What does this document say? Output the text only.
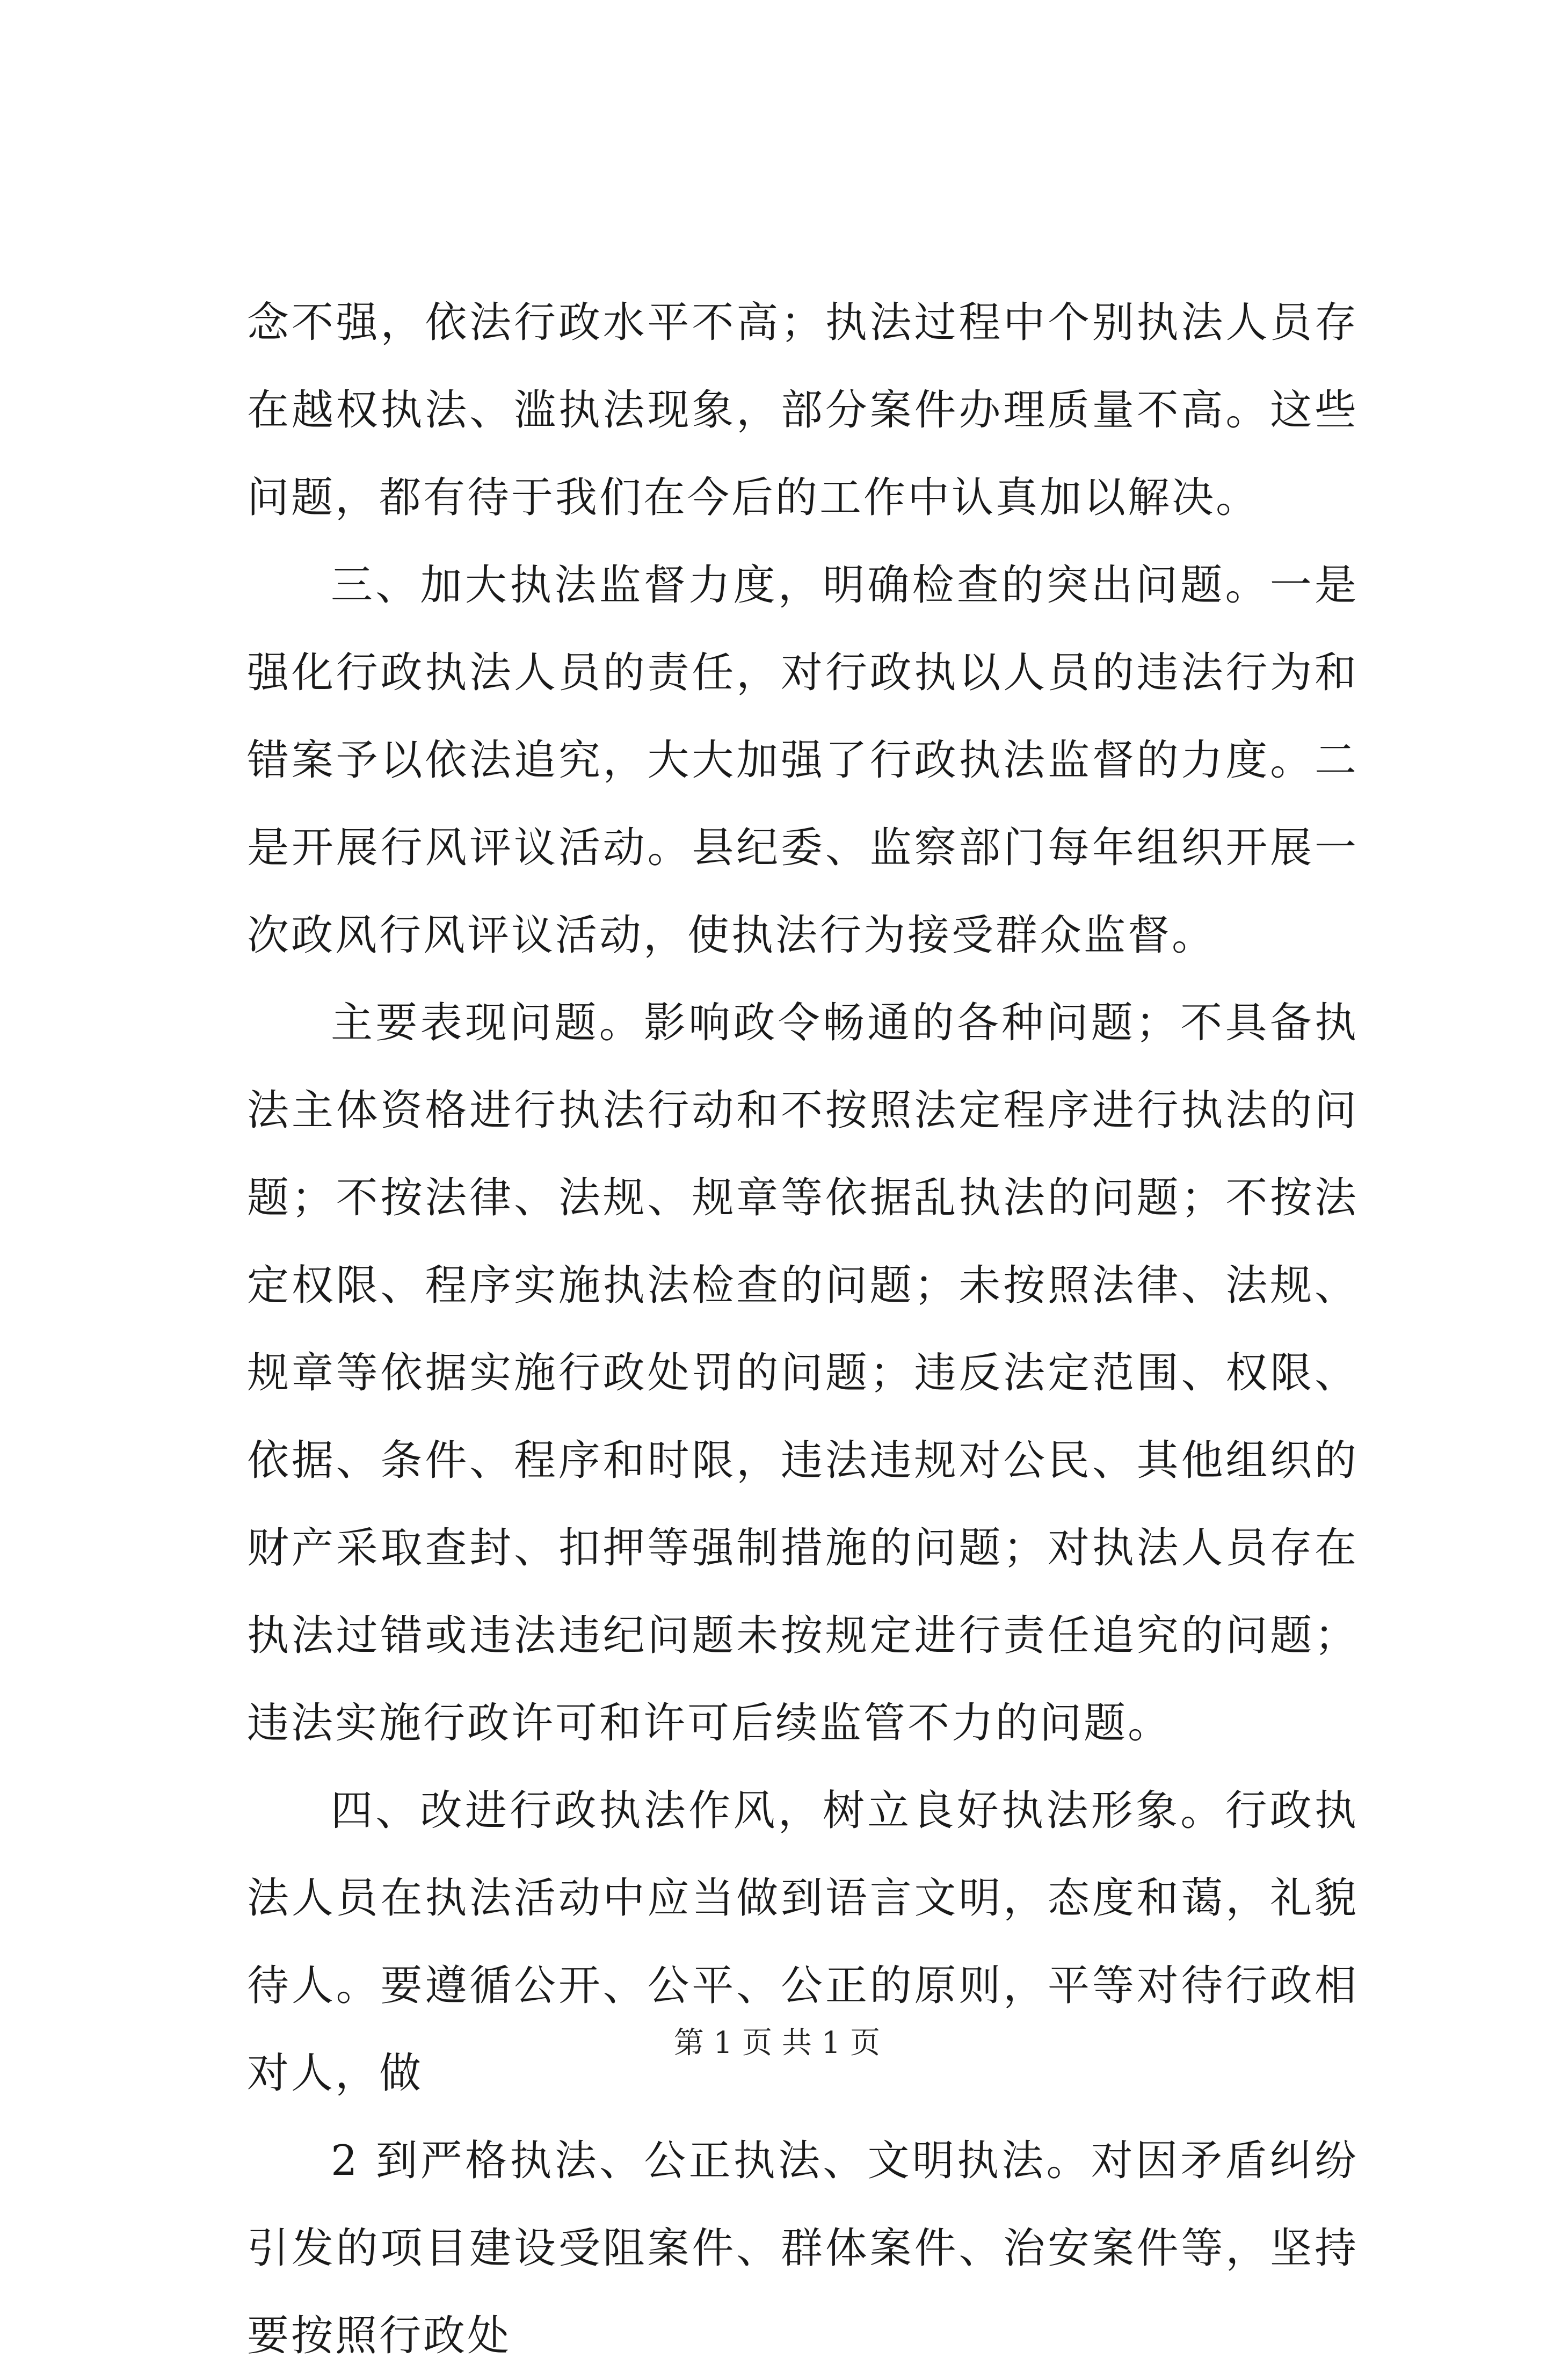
念不强，依法行政水平不高；执法过程中个别执法人员存在越权执法、滥执法现象，部分案件办理质量不高。这些问题，都有待于我们在今后的工作中认真加以解决。

三、加大执法监督力度，明确检查的突出问题。一是强化行政执法人员的责任，对行政执以人员的违法行为和错案予以依法追究，大大加强了行政执法监督的力度。二是开展行风评议活动。县纪委、监察部门每年组织开展一次政风行风评议活动，使执法行为接受群众监督。

主要表现问题。影响政令畅通的各种问题；不具备执法主体资格进行执法行动和不按照法定程序进行执法的问题；不按法律、法规、规章等依据乱执法的问题；不按法定权限、程序实施执法检查的问题；未按照法律、法规、规章等依据实施行政处罚的问题；违反法定范围、权限、依据、条件、程序和时限，违法违规对公民、其他组织的财产采取查封、扣押等强制措施的问题；对执法人员存在执法过错或违法违纪问题未按规定进行责任追究的问题；违法实施行政许可和许可后续监管不力的问题。

四、改进行政执法作风，树立良好执法形象。行政执法人员在执法活动中应当做到语言文明，态度和蔼，礼貌待人。要遵循公开、公平、公正的原则，平等对待行政相对人，做

2 到严格执法、公正执法、文明执法。对因矛盾纠纷引发的项目建设受阻案件、群体案件、治安案件等，坚持要按照行政处

第 1 页 共 1 页
